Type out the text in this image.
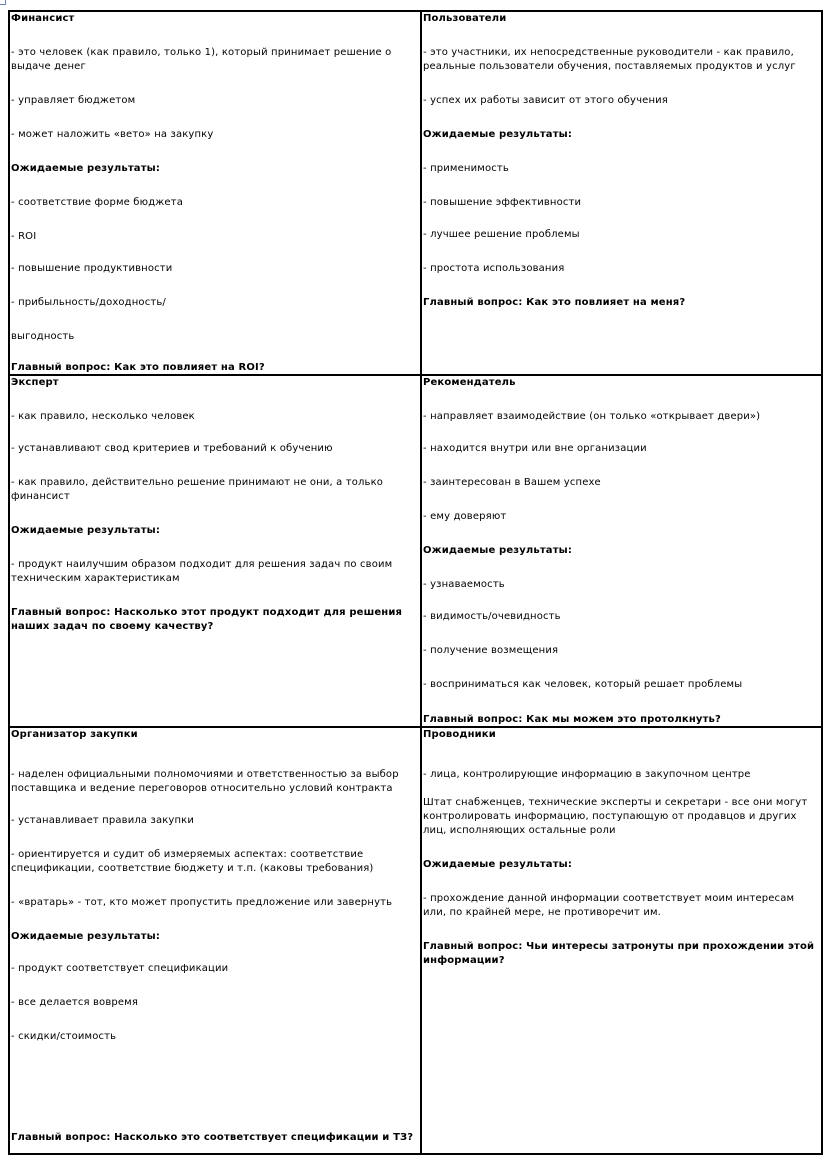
Финансист

- это человек (как правило, только 1), который принимает решение о выдаче денег

- управляет бюджетом

- может наложить «вето» на закупку

Ожидаемые результаты:

- соответствие форме бюджета

- ROI

- повышение продуктивности

- прибыльность/доходность/

выгодность

Главный вопрос: Как это повлияет на ROI?

Пользователи

- это участники, их непосредственные руководители - как правило, реальные пользователи обучения, поставляемых продуктов и услуг

- успех их работы зависит от этого обучения

Ожидаемые результаты:

- применимость

- повышение эффективности

- лучшее решение проблемы

- простота использования

Главный вопрос: Как это повлияет на меня?

Эксперт

- как правило, несколько человек

- устанавливают свод критериев и требований к обучению

- как правило, действительно решение принимают не они, а только финансист

Ожидаемые результаты:

- продукт наилучшим образом подходит для решения задач по своим техническим характеристикам

Главный вопрос: Насколько этот продукт подходит для решения наших задач по своему качеству?

Рекомендатель

- направляет взаимодействие (он только «открывает двери»)

- находится внутри или вне организации

- заинтересован в Вашем успехе

- ему доверяют

Ожидаемые результаты:

- узнаваемость

- видимость/очевидность

- получение возмещения

- восприниматься как человек, который решает проблемы

Главный вопрос: Как мы можем это протолкнуть?

Организатор закупки

- наделен официальными полномочиями и ответственностью за выбор поставщика и ведение переговоров относительно условий контракта

- устанавливает правила закупки

- ориентируется и судит об измеряемых аспектах: соответствие спецификации, соответствие бюджету и т.п. (каковы требования)

- «вратарь» - тот, кто может пропустить предложение или завернуть

Ожидаемые результаты:

- продукт соответствует спецификации

- все делается вовремя

- скидки/стоимость

Главный вопрос: Насколько это соответствует спецификации и ТЗ?

Проводники

- лица, контролирующие информацию в закупочном центре

Штат снабженцев, технические эксперты и секретари - все они могут контролировать информацию, поступающую от продавцов и других лиц, исполняющих остальные роли

Ожидаемые результаты:

- прохождение данной информации соответствует моим интересам или, по крайней мере, не противоречит им.

Главный вопрос: Чьи интересы затронуты при прохождении этой информации?
